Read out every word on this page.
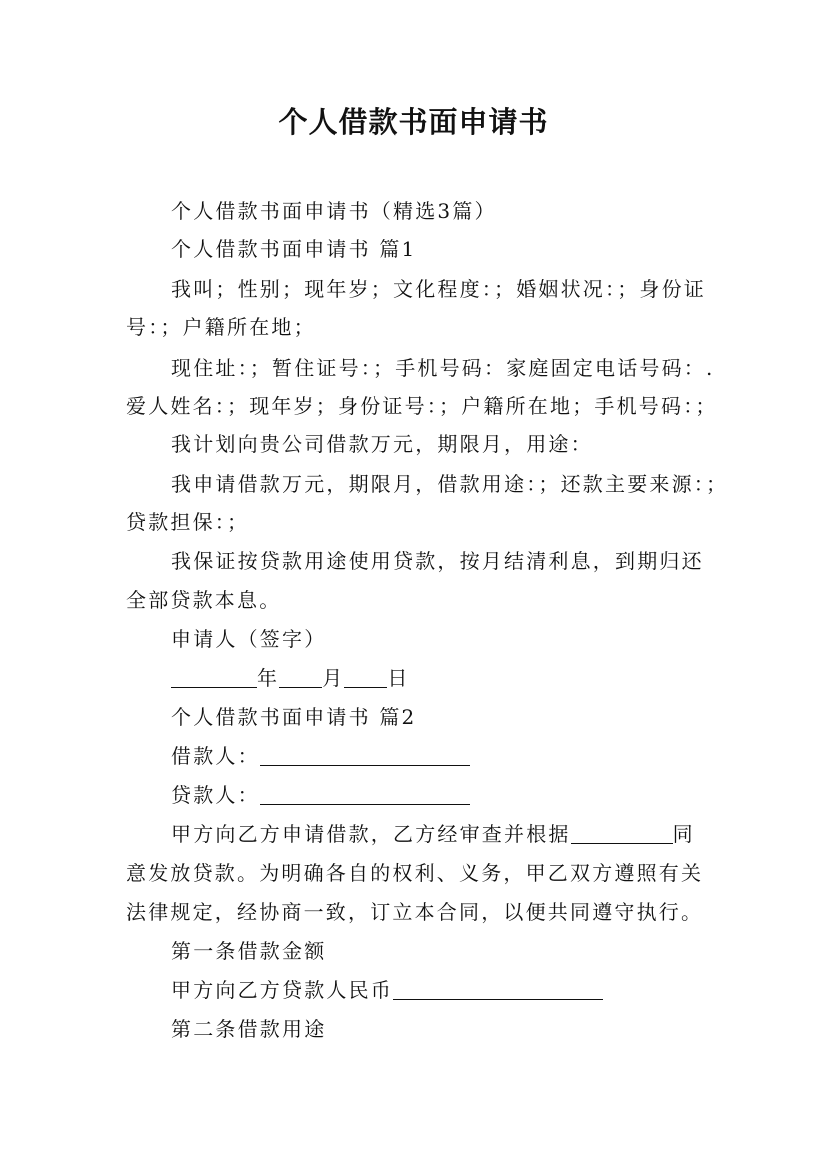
个人借款书面申请书
个人借款书面申请书（精选3篇）
个人借款书面申请书 篇1
我叫；性别；现年岁；文化程度：；婚姻状况：；身份证
号：；户籍所在地；
现住址：；暂住证号：；手机号码：家庭固定电话号码：.
爱人姓名：；现年岁；身份证号：；户籍所在地；手机号码：；
我计划向贵公司借款万元，期限月，用途：
我申请借款万元，期限月，借款用途：；还款主要来源：；
贷款担保：；
我保证按贷款用途使用贷款，按月结清利息，到期归还
全部贷款本息。
申请人（签字）
年 月 日
个人借款书面申请书 篇2
借款人：
贷款人：
甲方向乙方申请借款，乙方经审查并根据	同
意发放贷款。为明确各自的权利、义务，甲乙双方遵照有关
法律规定，经协商一致，订立本合同，以便共同遵守执行。
第一条借款金额
甲方向乙方贷款人民币
第二条借款用途
